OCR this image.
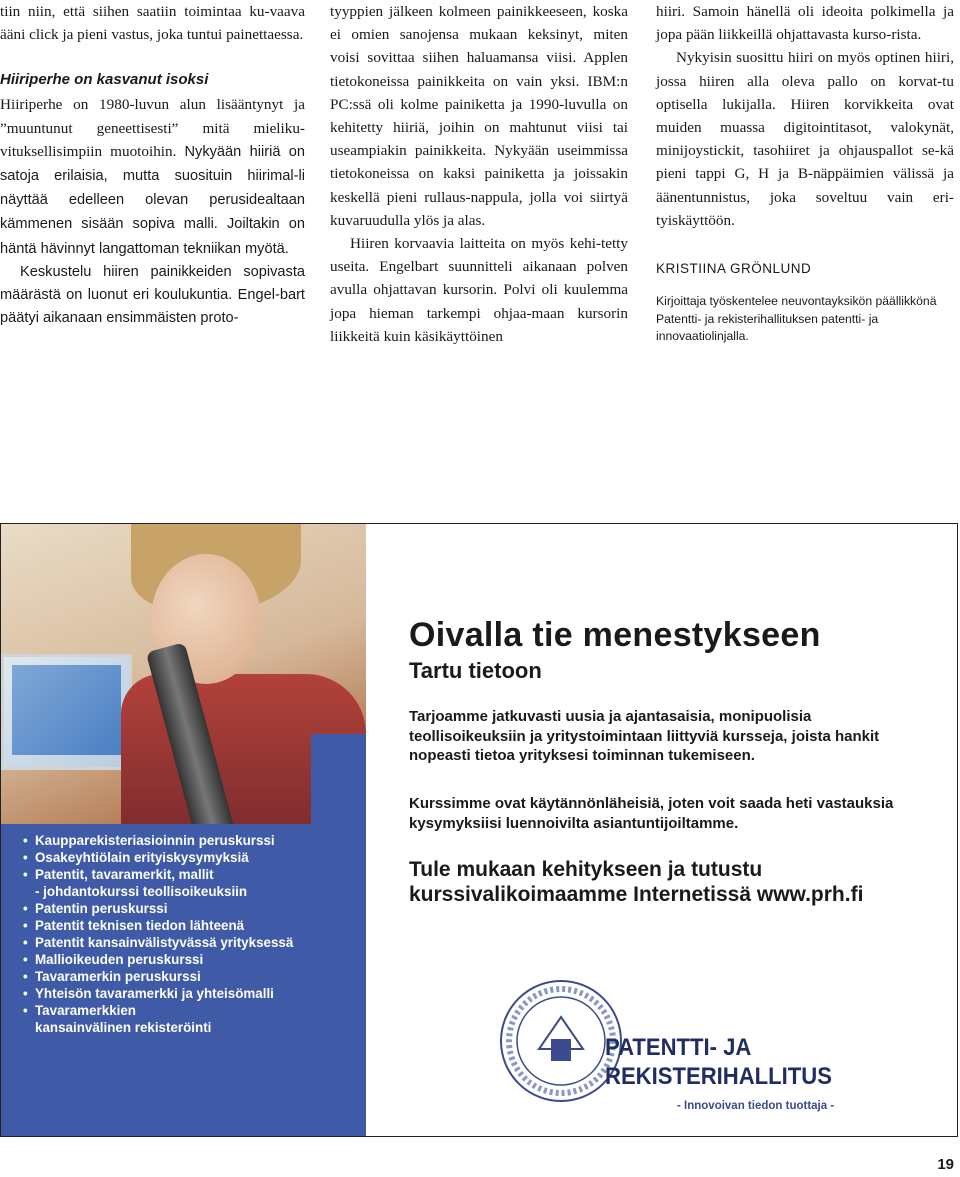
tiin niin, että siihen saatiin toimintaa ku-vaava ääni click ja pieni vastus, joka tuntui painettaessa.

Hiiriperhe on kasvanut isoksi

Hiiriperhe on 1980-luvun alun lisääntynyt ja ”muuntunut geneettisesti” mitä mieliku-vituksellisimpiin muotoihin. Nykyään hiiriä on satoja erilaisia, mutta suosituin hiirimal-li näyttää edelleen olevan perusidealtaan kämmenen sisään sopiva malli. Joiltakin on häntä hävinnyt langattoman tekniikan myötä.

Keskustelu hiiren painikkeiden sopivasta määrästä on luonut eri koulukuntia. Engel-bart päätyi aikanaan ensimmäisten proto-

tyyppien jälkeen kolmeen painikkeeseen, koska ei omien sanojensa mukaan keksinyt, miten voisi sovittaa siihen haluamansa viisi. Applen tietokoneissa painikkeita on vain yksi. IBM:n PC:ssä oli kolme painiketta ja 1990-luvulla on kehitetty hiiriä, joihin on mahtunut viisi tai useampiakin painikkeita. Nykyään useimmissa tietokoneissa on kaksi painiketta ja joissakin keskellä pieni rullaus-nappula, jolla voi siirtyä kuvaruudulla ylös ja alas.

Hiiren korvaavia laitteita on myös kehi-tetty useita. Engelbart suunnitteli aikanaan polven avulla ohjattavan kursorin. Polvi oli kuulemma jopa hieman tarkempi ohjaa-maan kursorin liikkeitä kuin käsikäyttöinen

hiiri. Samoin hänellä oli ideoita polkimella ja jopa pään liikkeillä ohjattavasta kurso-rista.

Nykyisin suosittu hiiri on myös optinen hiiri, jossa hiiren alla oleva pallo on korvat-tu optisella lukijalla. Hiiren korvikkeita ovat muiden muassa digitointitasot, valokynät, minijoystickit, tasohiiret ja ohjauspallot se-kä pieni tappi G, H ja B-näppäimien välissä ja äänentunnistus, joka soveltuu vain eri-tyiskäyttöön.

KRISTIINA GRÖNLUND
Kirjoittaja työskentelee neuvontayksikön päällikkönä Patentti- ja rekisterihallituksen patentti- ja innovaatiolinjalla.
• Kaupparekisteriasioinnin peruskurssi
• Osakeyhtiölain erityiskysymyksiä
• Patentit, tavaramerkit, mallit
- johdantokurssi teollisoikeuksiin
• Patentin peruskurssi
• Patentit teknisen tiedon lähteenä
• Patentit kansainvälistyvässä yrityksessä
• Mallioikeuden peruskurssi
• Tavaramerkin peruskurssi
• Yhteisön tavaramerkki ja yhteisömalli
• Tavaramerkkien
kansainvälinen rekisteröinti
Oivalla tie menestykseen
Tartu tietoon
Tarjoamme jatkuvasti uusia ja ajantasaisia, monipuolisia teollisoikeuksiin ja yritystoimintaan liittyviä kursseja, joista hankit nopeasti tietoa yrityksesi toiminnan tukemiseen.
Kurssimme ovat käytännönläheisiä, joten voit saada heti vastauksia kysymyksiisi luennoivilta asiantuntijoiltamme.
Tule mukaan kehitykseen ja tutustu kurssivalikoimaamme Internetissä www.prh.fi
PATENTTI- JA
REKISTERIHALLITUS
- Innovoivan tiedon tuottaja -
19
